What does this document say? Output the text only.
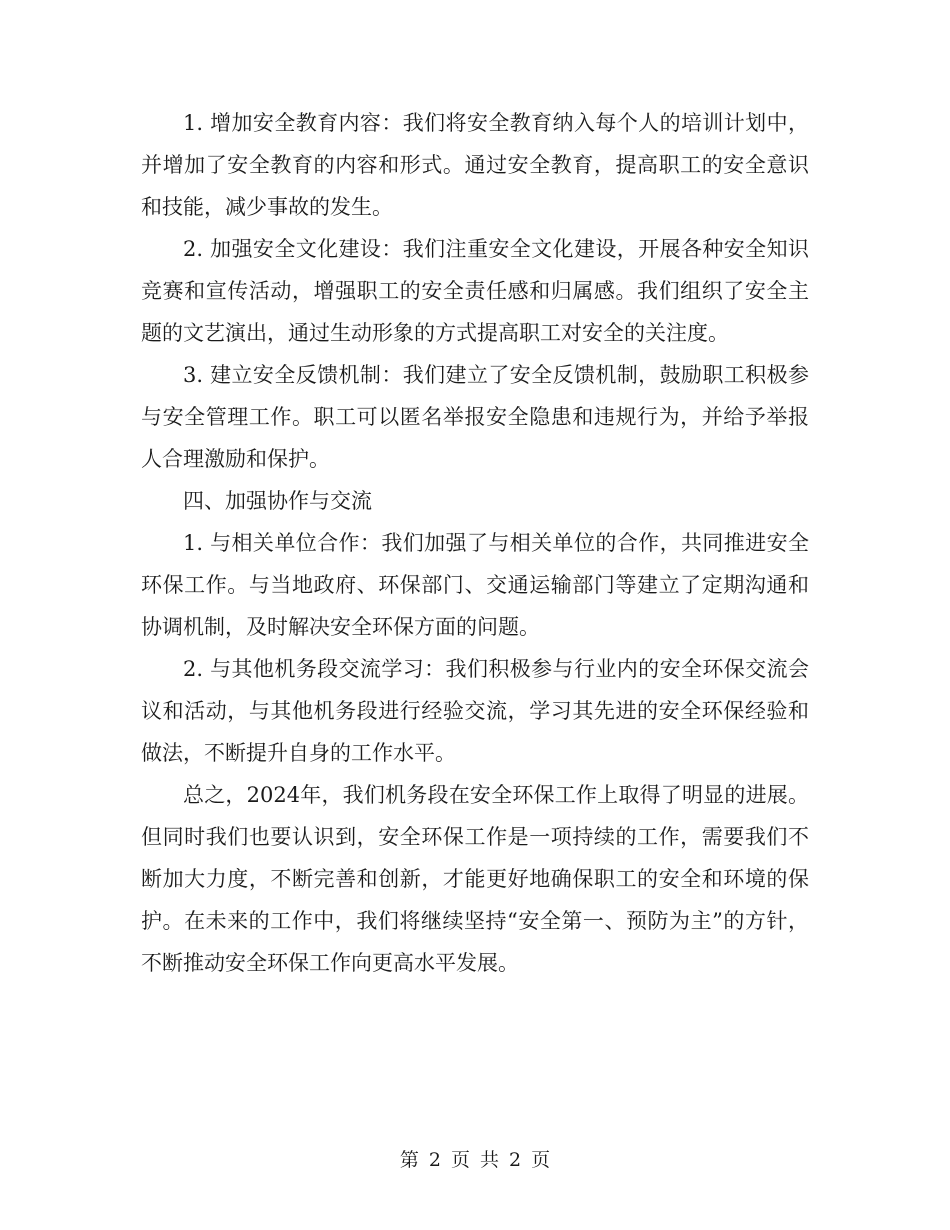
1. 增加安全教育内容：我们将安全教育纳入每个人的培训计划中，并增加了安全教育的内容和形式。通过安全教育，提高职工的安全意识和技能，减少事故的发生。

2. 加强安全文化建设：我们注重安全文化建设，开展各种安全知识竞赛和宣传活动，增强职工的安全责任感和归属感。我们组织了安全主题的文艺演出，通过生动形象的方式提高职工对安全的关注度。

3. 建立安全反馈机制：我们建立了安全反馈机制，鼓励职工积极参与安全管理工作。职工可以匿名举报安全隐患和违规行为，并给予举报人合理激励和保护。

四、加强协作与交流

1. 与相关单位合作：我们加强了与相关单位的合作，共同推进安全环保工作。与当地政府、环保部门、交通运输部门等建立了定期沟通和协调机制，及时解决安全环保方面的问题。

2. 与其他机务段交流学习：我们积极参与行业内的安全环保交流会议和活动，与其他机务段进行经验交流，学习其先进的安全环保经验和做法，不断提升自身的工作水平。

总之，2024年，我们机务段在安全环保工作上取得了明显的进展。但同时我们也要认识到，安全环保工作是一项持续的工作，需要我们不断加大力度，不断完善和创新，才能更好地确保职工的安全和环境的保护。在未来的工作中，我们将继续坚持“安全第一、预防为主”的方针，不断推动安全环保工作向更高水平发展。

第 2 页 共 2 页
